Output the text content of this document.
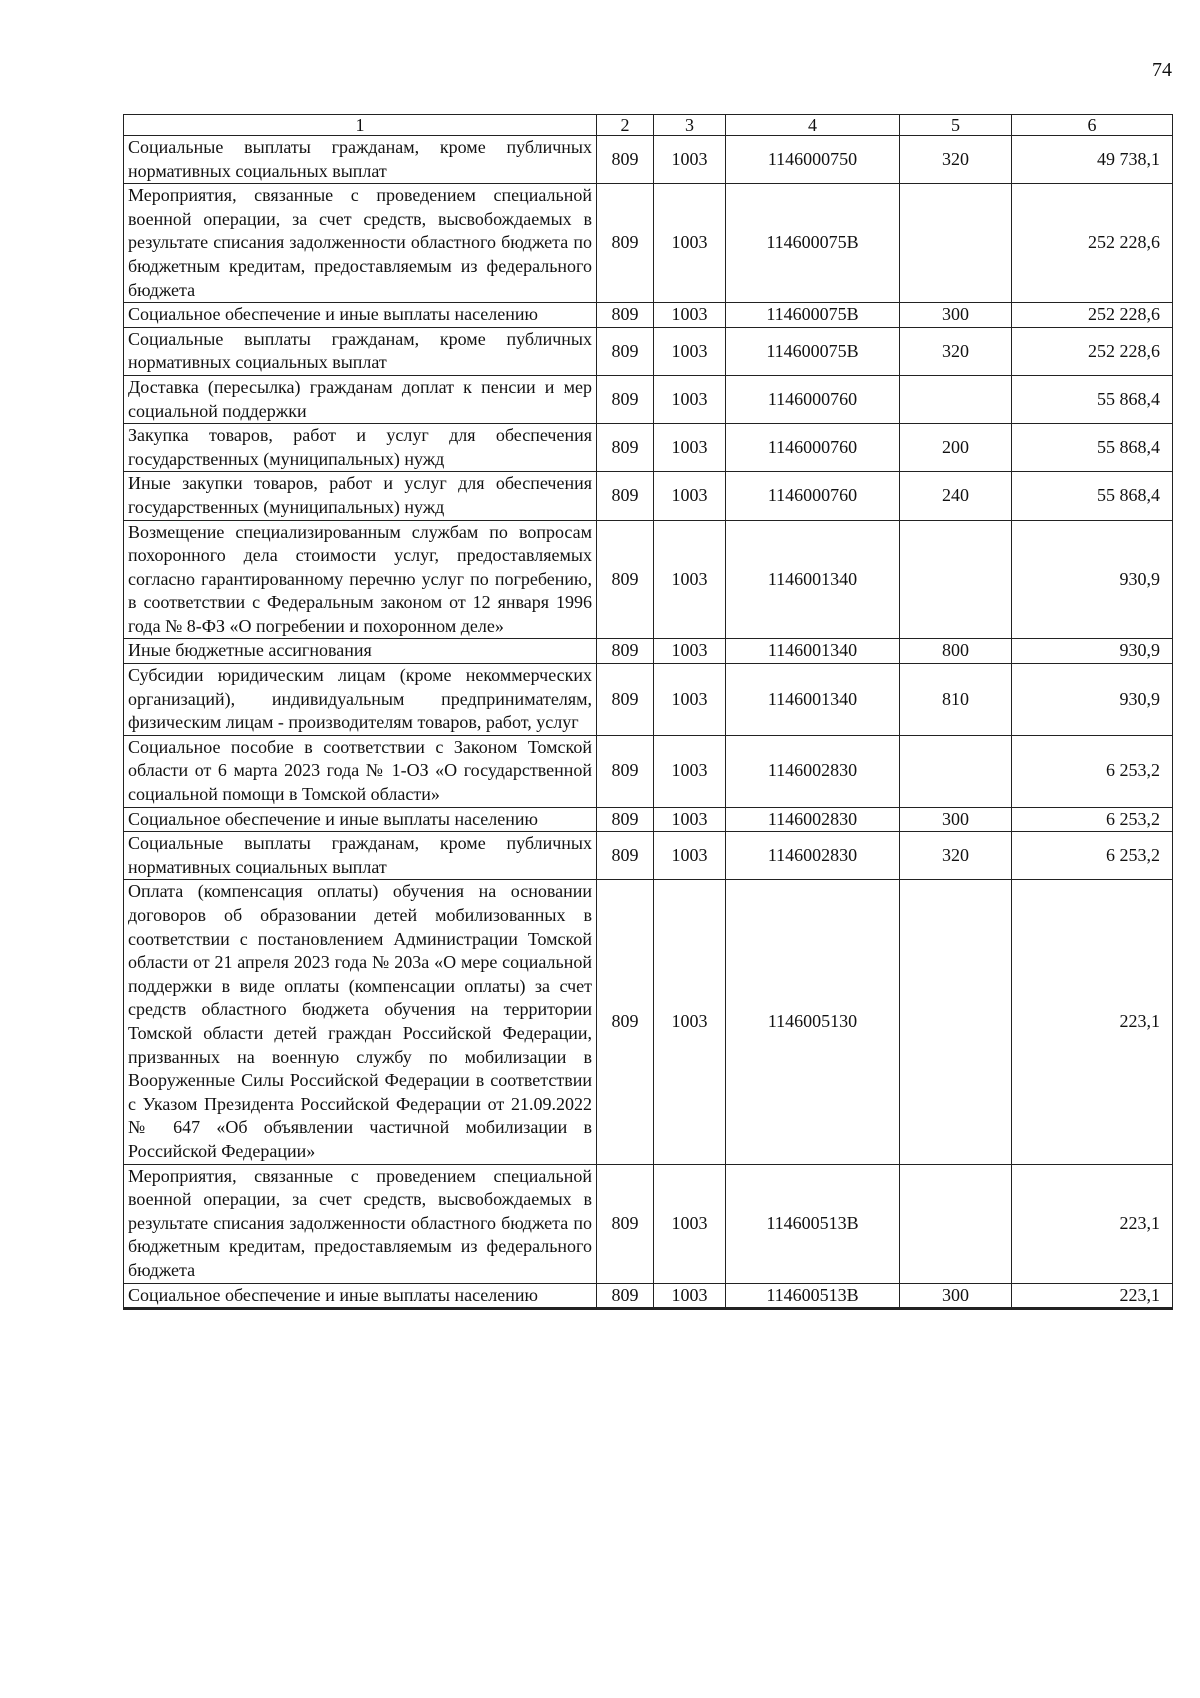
74
1	2	3	4	5	6
Социальные выплаты гражданам, кроме публичных нормативных социальных выплат	809	1003	1146000750	320	49 738,1
Мероприятия, связанные с проведением специальной военной операции, за счет средств, высвобождаемых в результате списания задолженности областного бюджета по бюджетным кредитам, предоставляемым из федерального бюджета	809	1003	114600075В		252 228,6
Социальное обеспечение и иные выплаты населению	809	1003	114600075В	300	252 228,6
Социальные выплаты гражданам, кроме публичных нормативных социальных выплат	809	1003	114600075В	320	252 228,6
Доставка (пересылка) гражданам доплат к пенсии и мер социальной поддержки	809	1003	1146000760		55 868,4
Закупка товаров, работ и услуг для обеспечения государственных (муниципальных) нужд	809	1003	1146000760	200	55 868,4
Иные закупки товаров, работ и услуг для обеспечения государственных (муниципальных) нужд	809	1003	1146000760	240	55 868,4
Возмещение специализированным службам по вопросам похоронного дела стоимости услуг, предоставляемых согласно гарантированному перечню услуг по погребению, в соответствии с Федеральным законом от 12 января 1996 года № 8-ФЗ «О погребении и похоронном деле»	809	1003	1146001340		930,9
Иные бюджетные ассигнования	809	1003	1146001340	800	930,9
Субсидии юридическим лицам (кроме некоммерческих организаций), индивидуальным предпринимателям, физическим лицам - производителям товаров, работ, услуг	809	1003	1146001340	810	930,9
Социальное пособие в соответствии с Законом Томской области от 6 марта 2023 года № 1-ОЗ «О государственной социальной помощи в Томской области»	809	1003	1146002830		6 253,2
Социальное обеспечение и иные выплаты населению	809	1003	1146002830	300	6 253,2
Социальные выплаты гражданам, кроме публичных нормативных социальных выплат	809	1003	1146002830	320	6 253,2
Оплата (компенсация оплаты) обучения на основании договоров об образовании детей мобилизованных в соответствии с постановлением Администрации Томской области от 21 апреля 2023 года № 203а «О мере социальной поддержки в виде оплаты (компенсации оплаты) за счет средств областного бюджета обучения на территории Томской области детей граждан Российской Федерации, призванных на военную службу по мобилизации в Вооруженные Силы Российской Федерации в соответствии с Указом Президента Российской Федерации от 21.09.2022 № 647 «Об объявлении частичной мобилизации в Российской Федерации»	809	1003	1146005130		223,1
Мероприятия, связанные с проведением специальной военной операции, за счет средств, высвобождаемых в результате списания задолженности областного бюджета по бюджетным кредитам, предоставляемым из федерального бюджета	809	1003	114600513В		223,1
Социальное обеспечение и иные выплаты населению	809	1003	114600513В	300	223,1
